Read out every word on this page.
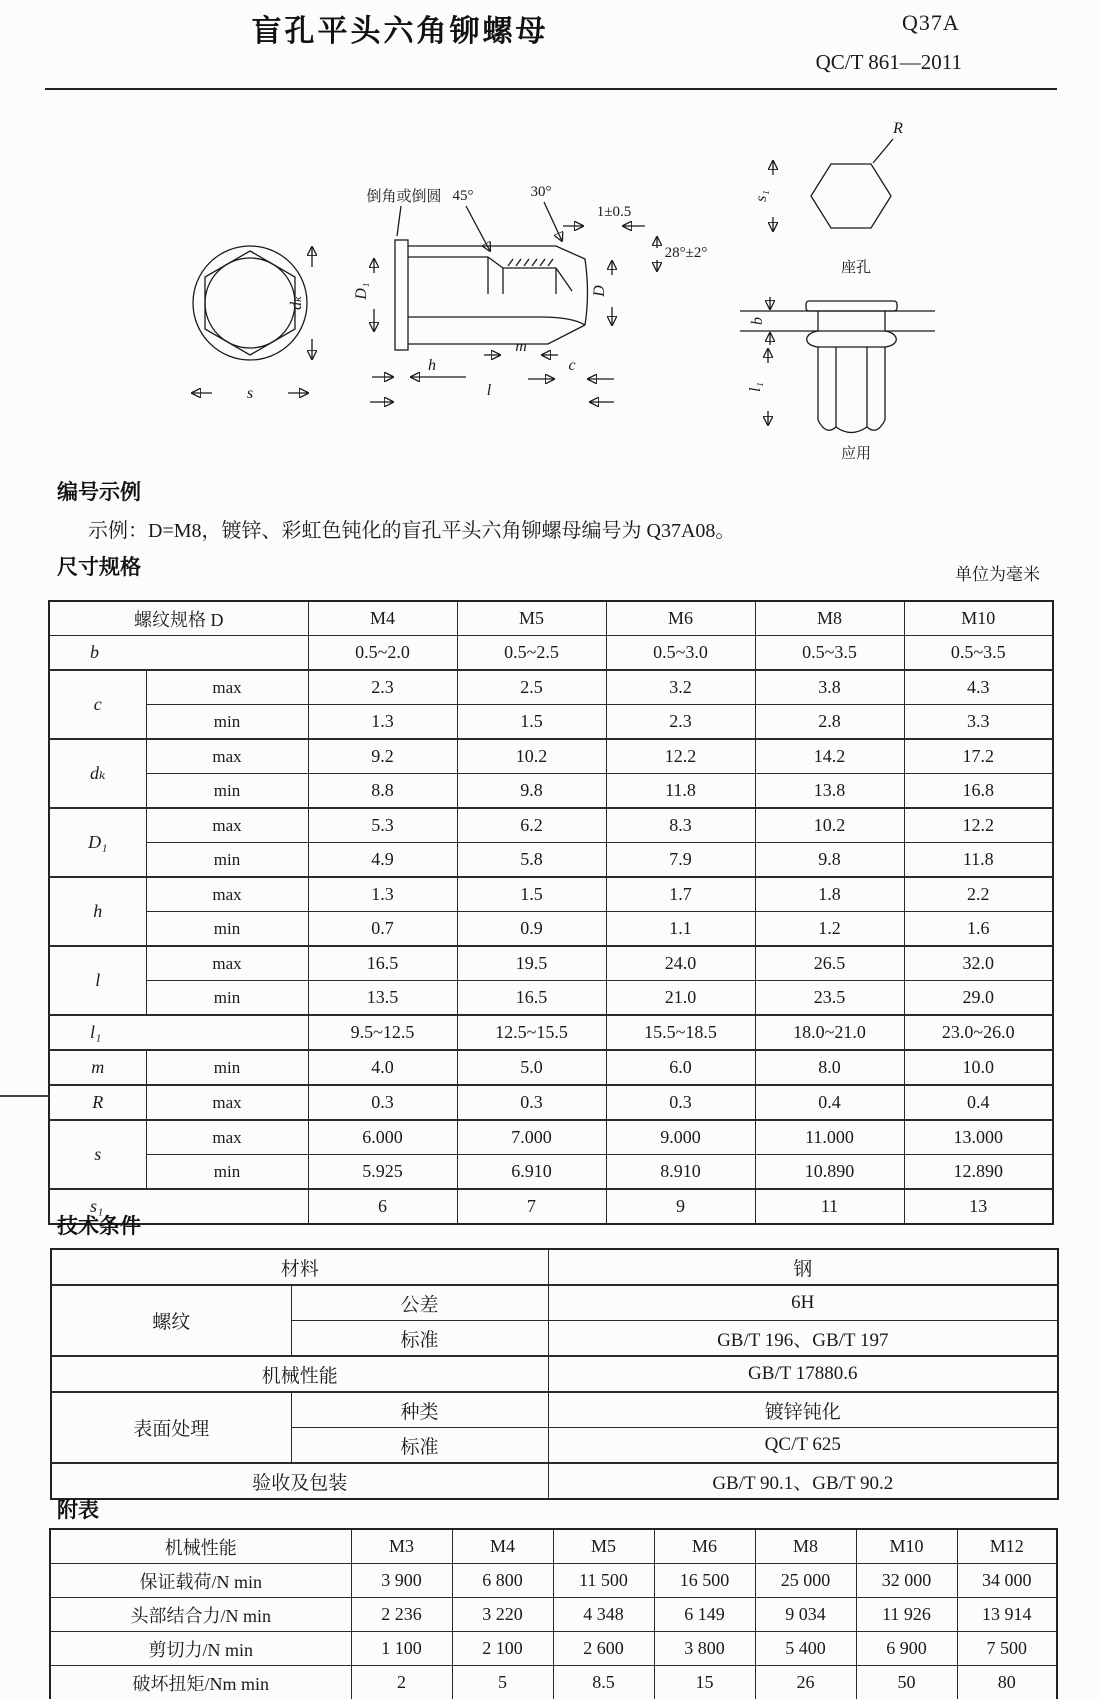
盲孔平头六角铆螺母	Q37A
QC/T 861—2011
dₖ
s
倒角或倒圆 45°	30°
1±0.5
28°±2°
D₁	D
m
h	c
l
R
s₁
座孔
b
l₁
应用
编号示例
示例：D=M8，镀锌、彩虹色钝化的盲孔平头六角铆螺母编号为 Q37A08。
尺寸规格	单位为毫米
螺纹规格 D		M4	M5	M6	M8	M10
b		0.5~2.0	0.5~2.5	0.5~3.0	0.5~3.5	0.5~3.5
c	max	2.3	2.5	3.2	3.8	4.3
	min	1.3	1.5	2.3	2.8	3.3
dₖ	max	9.2	10.2	12.2	14.2	17.2
	min	8.8	9.8	11.8	13.8	16.8
D₁	max	5.3	6.2	8.3	10.2	12.2
	min	4.9	5.8	7.9	9.8	11.8
h	max	1.3	1.5	1.7	1.8	2.2
	min	0.7	0.9	1.1	1.2	1.6
l	max	16.5	19.5	24.0	26.5	32.0
	min	13.5	16.5	21.0	23.5	29.0
l₁		9.5~12.5	12.5~15.5	15.5~18.5	18.0~21.0	23.0~26.0
m	min	4.0	5.0	6.0	8.0	10.0
R	max	0.3	0.3	0.3	0.4	0.4
s	max	6.000	7.000	9.000	11.000	13.000
	min	5.925	6.910	8.910	10.890	12.890
s₁		6	7	9	11	13
技术条件
材料		钢
螺纹	公差	6H
	标准	GB/T 196、GB/T 197
机械性能		GB/T 17880.6
表面处理	种类	镀锌钝化
	标准	QC/T 625
验收及包装		GB/T 90.1、GB/T 90.2
附表
机械性能	M3	M4	M5	M6	M8	M10	M12
保证载荷/N min	3 900	6 800	11 500	16 500	25 000	32 000	34 000
头部结合力/N min	2 236	3 220	4 348	6 149	9 034	11 926	13 914
剪切力/N min	1 100	2 100	2 600	3 800	5 400	6 900	7 500
破坏扭矩/Nm min	2	5	8.5	15	26	50	80
